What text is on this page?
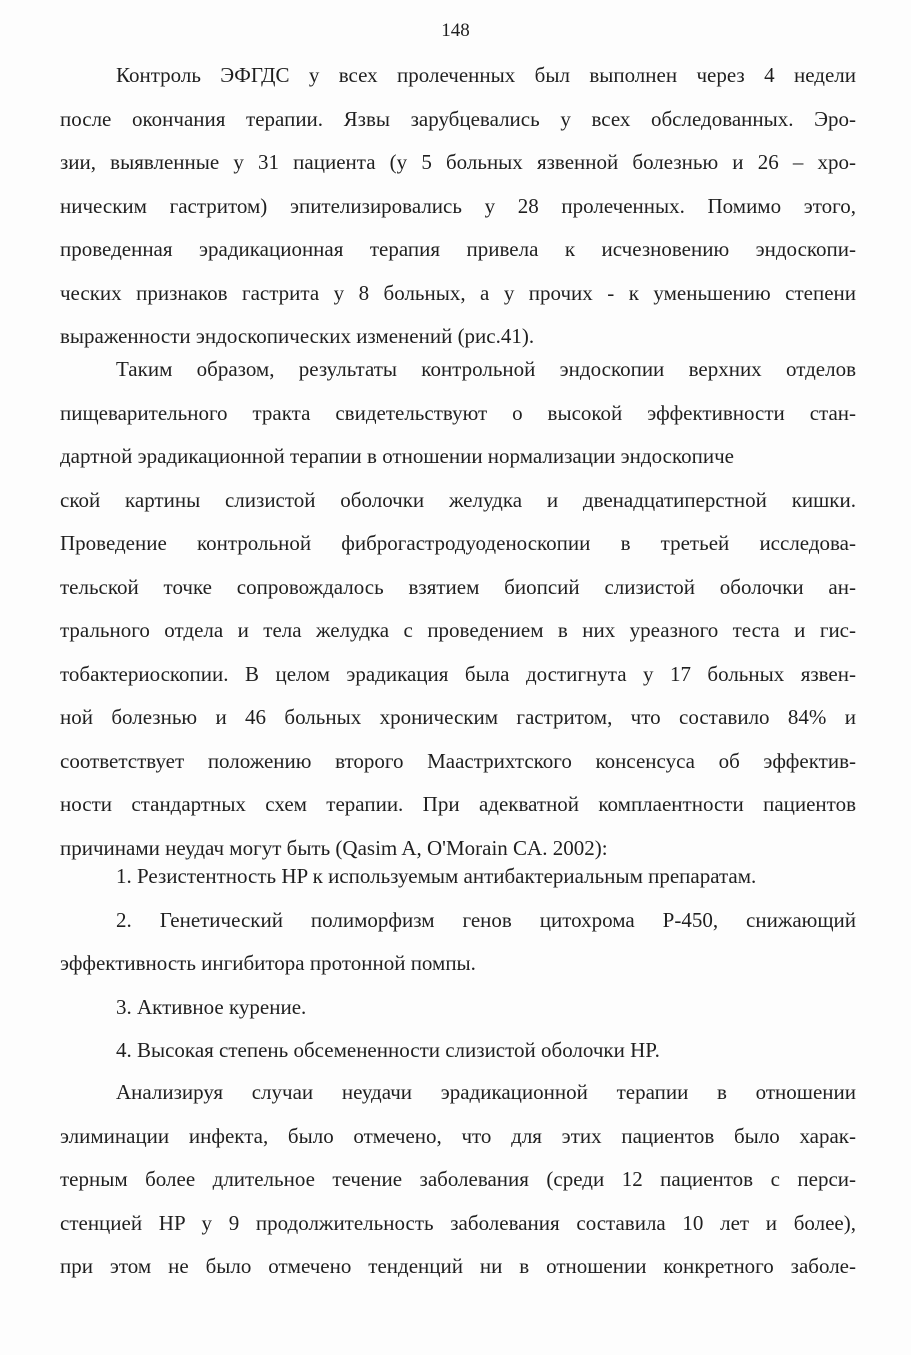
148
Контроль ЭФГДС у всех пролеченных был выполнен через 4 недели
после окончания терапии. Язвы зарубцевались у всех обследованных. Эро-
зии, выявленные у 31 пациента (у 5 больных язвенной болезнью и 26 – хро-
ническим гастритом) эпителизировались у 28 пролеченных. Помимо этого,
проведенная эрадикационная терапия привела к исчезновению эндоскопи-
ческих признаков гастрита у 8 больных, а у прочих - к уменьшению степени
выраженности эндоскопических изменений (рис.41).
Таким образом, результаты контрольной эндоскопии верхних отделов
пищеварительного тракта свидетельствуют о высокой эффективности стан-
дартной эрадикационной терапии в отношении нормализации эндоскопиче
ской картины слизистой оболочки желудка и двенадцатиперстной кишки.
Проведение контрольной фиброгастродуоденоскопии в третьей исследова-
тельской точке сопровождалось взятием биопсий слизистой оболочки ан-
трального отдела и тела желудка с проведением в них уреазного теста и гис-
тобактериоскопии. В целом эрадикация была достигнута у 17 больных язвен-
ной болезнью и 46 больных хроническим гастритом, что составило 84% и
соответствует положению второго Маастрихтского консенсуса об эффектив-
ности стандартных схем терапии. При адекватной комплаентности пациентов
причинами неудач могут быть (Qasim A, O'Morain CA. 2002):
1. Резистентность HP к используемым антибактериальным препаратам.
2. Генетический полиморфизм генов цитохрома P-450, снижающий
эффективность ингибитора протонной помпы.
3. Активное курение.
4. Высокая степень обсемененности слизистой оболочки HP.
Анализируя случаи неудачи эрадикационной терапии в отношении
элиминации инфекта, было отмечено, что для этих пациентов было харак-
терным более длительное течение заболевания (среди 12 пациентов с перси-
стенцией HP у 9 продолжительность заболевания составила 10 лет и более),
при этом не было отмечено тенденций ни в отношении конкретного заболе-
